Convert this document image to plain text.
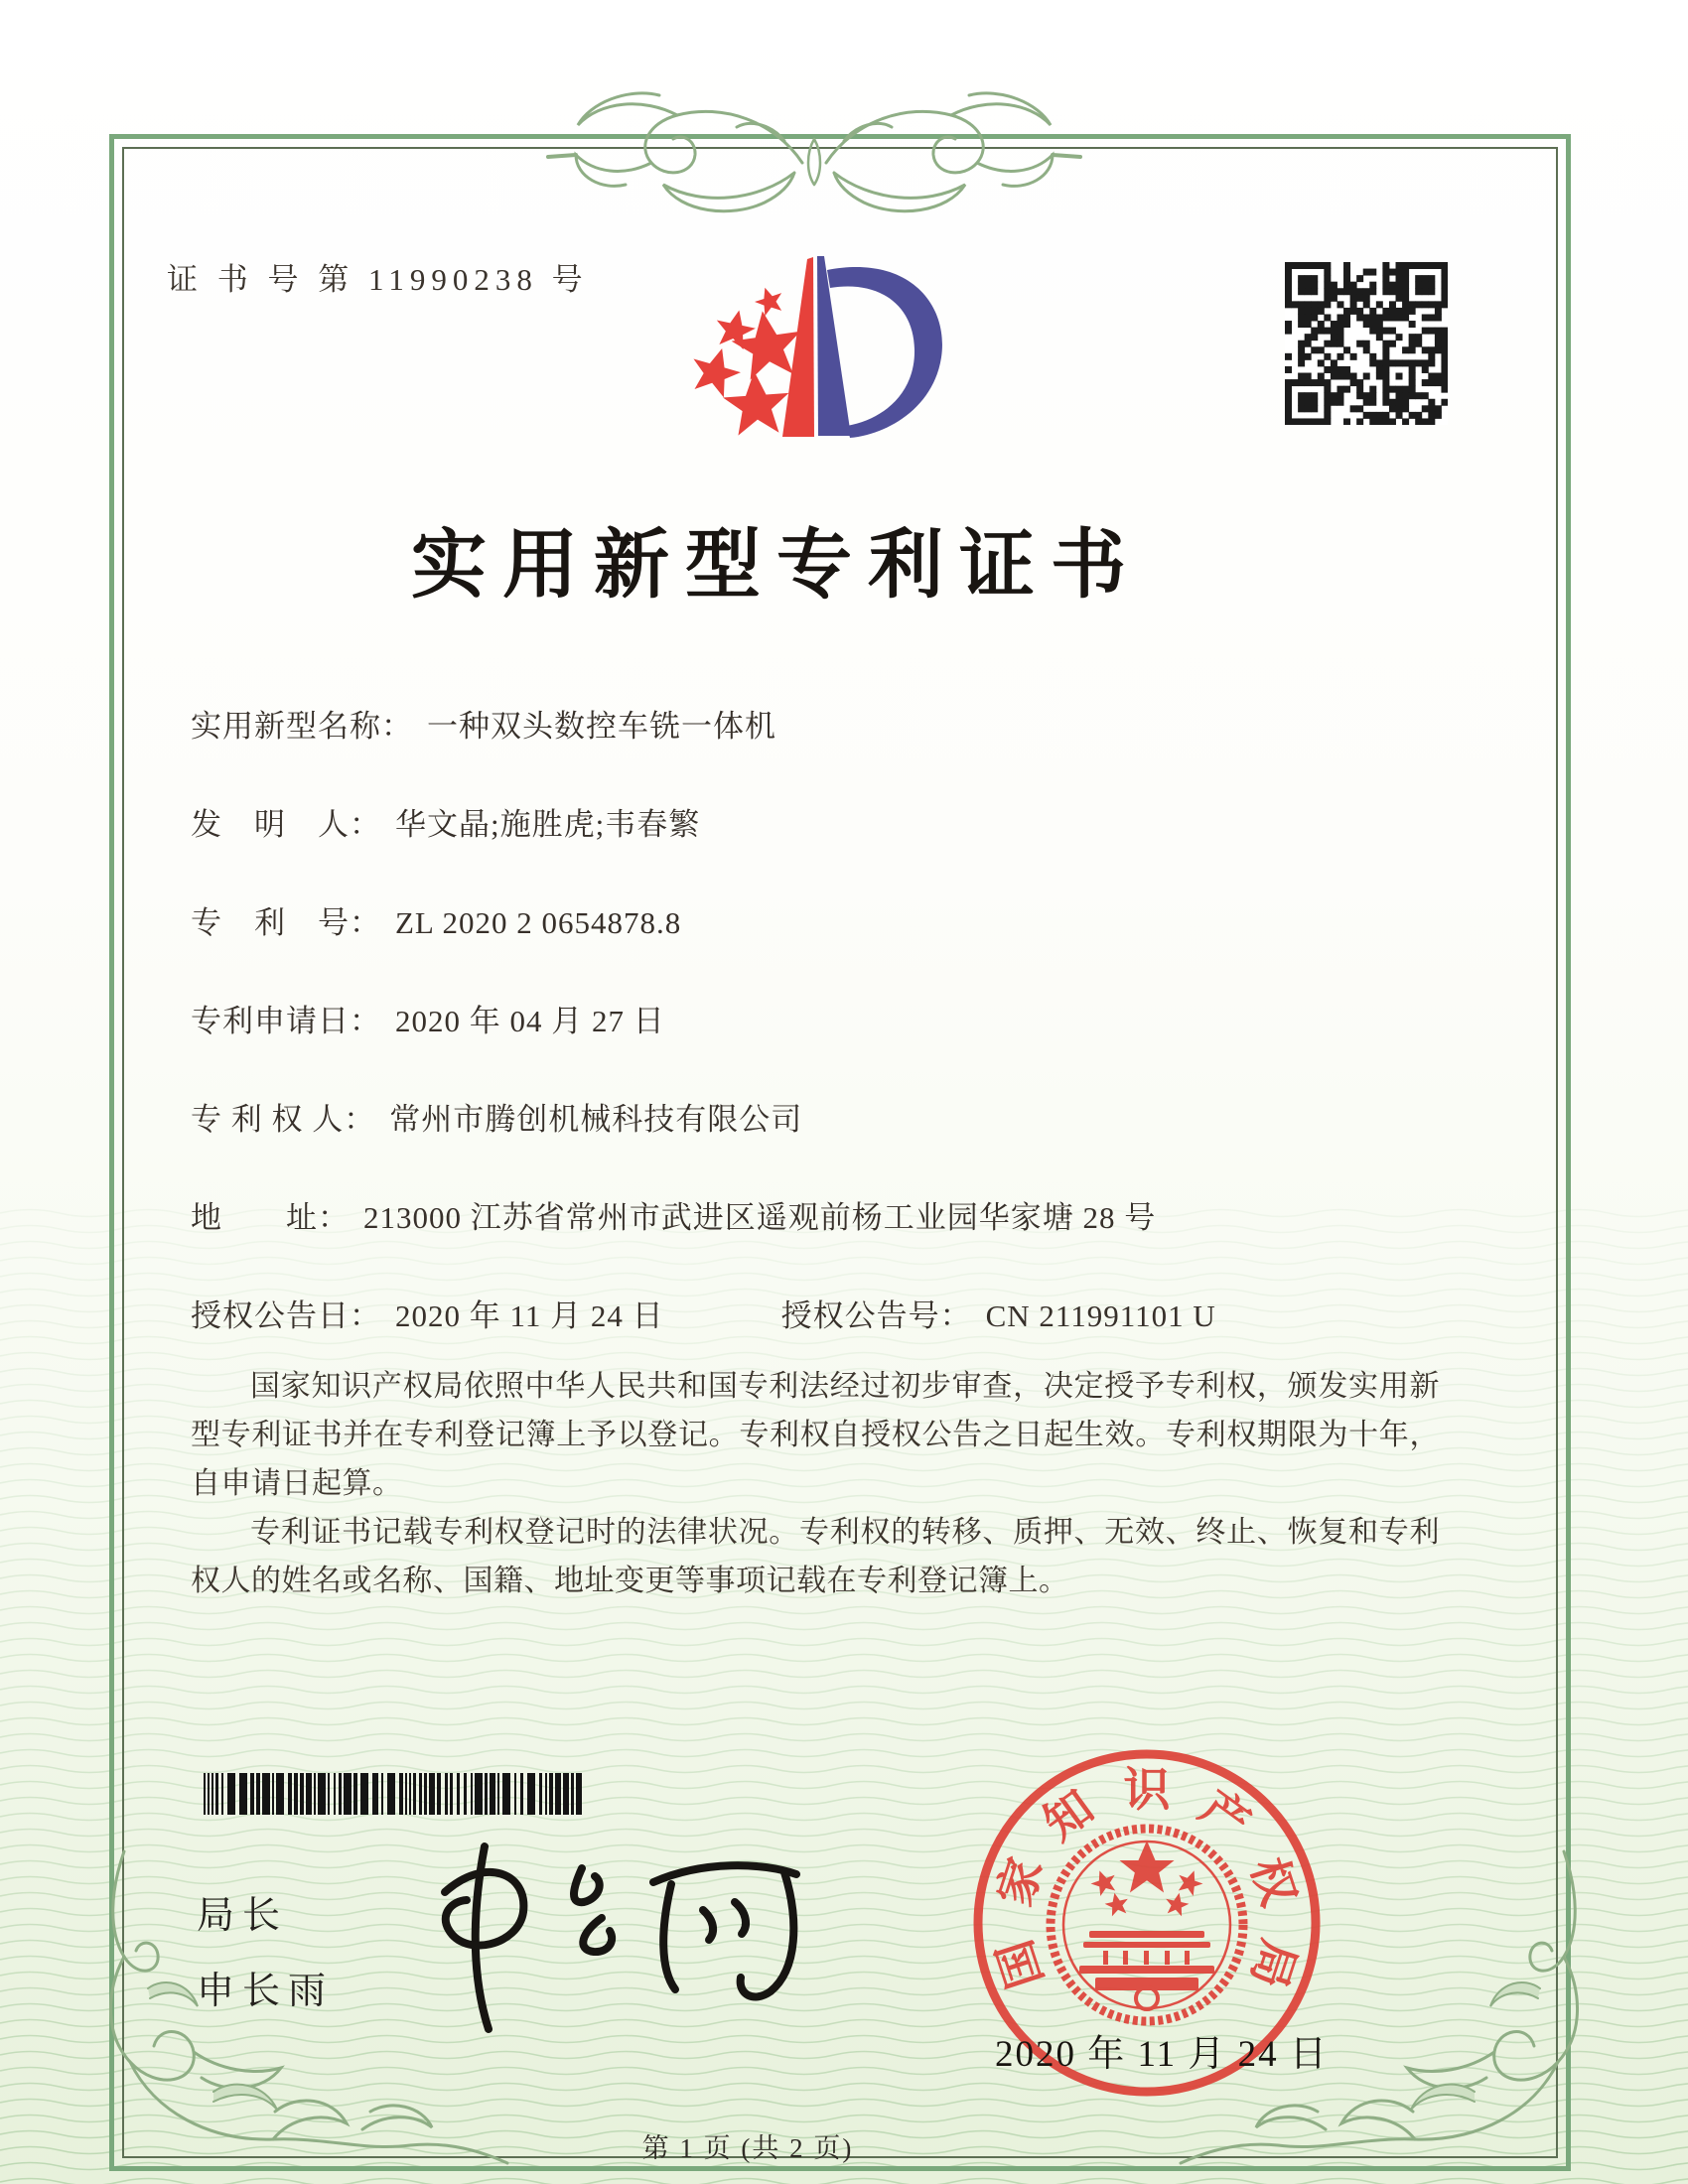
证 书 号 第 11990238 号
实用新型专利证书
实用新型名称： 一种双头数控车铣一体机
发　明　人： 华文晶;施胜虎;韦春繁
专　利　号： ZL 2020 2 0654878.8
专利申请日： 2020 年 04 月 27 日
专 利 权 人： 常州市腾创机械科技有限公司
地　　址： 213000 江苏省常州市武进区遥观前杨工业园华家塘 28 号
授权公告日： 2020 年 11 月 24 日	授权公告号： CN 211991101 U

国家知识产权局依照中华人民共和国专利法经过初步审查，决定授予专利权，颁发实用新型专利证书并在专利登记簿上予以登记。专利权自授权公告之日起生效。专利权期限为十年，自申请日起算。

专利证书记载专利权登记时的法律状况。专利权的转移、质押、无效、终止、恢复和专利权人的姓名或名称、国籍、地址变更等事项记载在专利登记簿上。

局长
申长雨	国
家
知 识 产
权
局
2020 年 11 月 24 日
第 1 页 (共 2 页)
